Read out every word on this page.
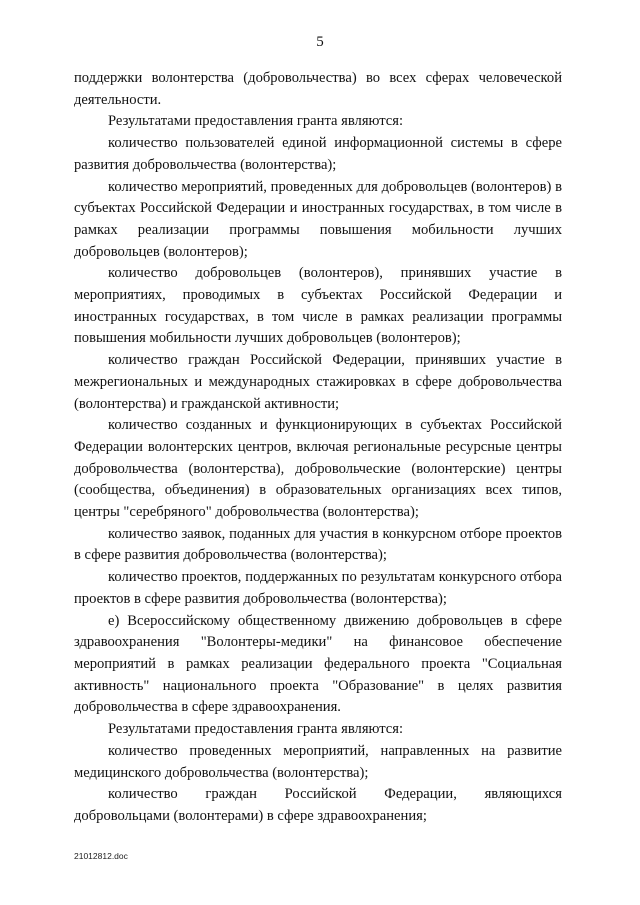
5

поддержки волонтерства (добровольчества) во всех сферах человеческой деятельности.

Результатами предоставления гранта являются:

количество пользователей единой информационной системы в сфере развития добровольчества (волонтерства);

количество мероприятий, проведенных для добровольцев (волонтеров) в субъектах Российской Федерации и иностранных государствах, в том числе в рамках реализации программы повышения мобильности лучших добровольцев (волонтеров);

количество добровольцев (волонтеров), принявших участие в мероприятиях, проводимых в субъектах Российской Федерации и иностранных государствах, в том числе в рамках реализации программы повышения мобильности лучших добровольцев (волонтеров);

количество граждан Российской Федерации, принявших участие в межрегиональных и международных стажировках в сфере добровольчества (волонтерства) и гражданской активности;

количество созданных и функционирующих в субъектах Российской Федерации волонтерских центров, включая региональные ресурсные центры добровольчества (волонтерства), добровольческие (волонтерские) центры (сообщества, объединения) в образовательных организациях всех типов, центры "серебряного" добровольчества (волонтерства);

количество заявок, поданных для участия в конкурсном отборе проектов в сфере развития добровольчества (волонтерства);

количество проектов, поддержанных по результатам конкурсного отбора проектов в сфере развития добровольчества (волонтерства);

е) Всероссийскому общественному движению добровольцев в сфере здравоохранения "Волонтеры-медики" на финансовое обеспечение мероприятий в рамках реализации федерального проекта "Социальная активность" национального проекта "Образование" в целях развития добровольчества в сфере здравоохранения.

Результатами предоставления гранта являются:

количество проведенных мероприятий, направленных на развитие медицинского добровольчества (волонтерства);

количество граждан Российской Федерации, являющихся добровольцами (волонтерами) в сфере здравоохранения;

21012812.doc
